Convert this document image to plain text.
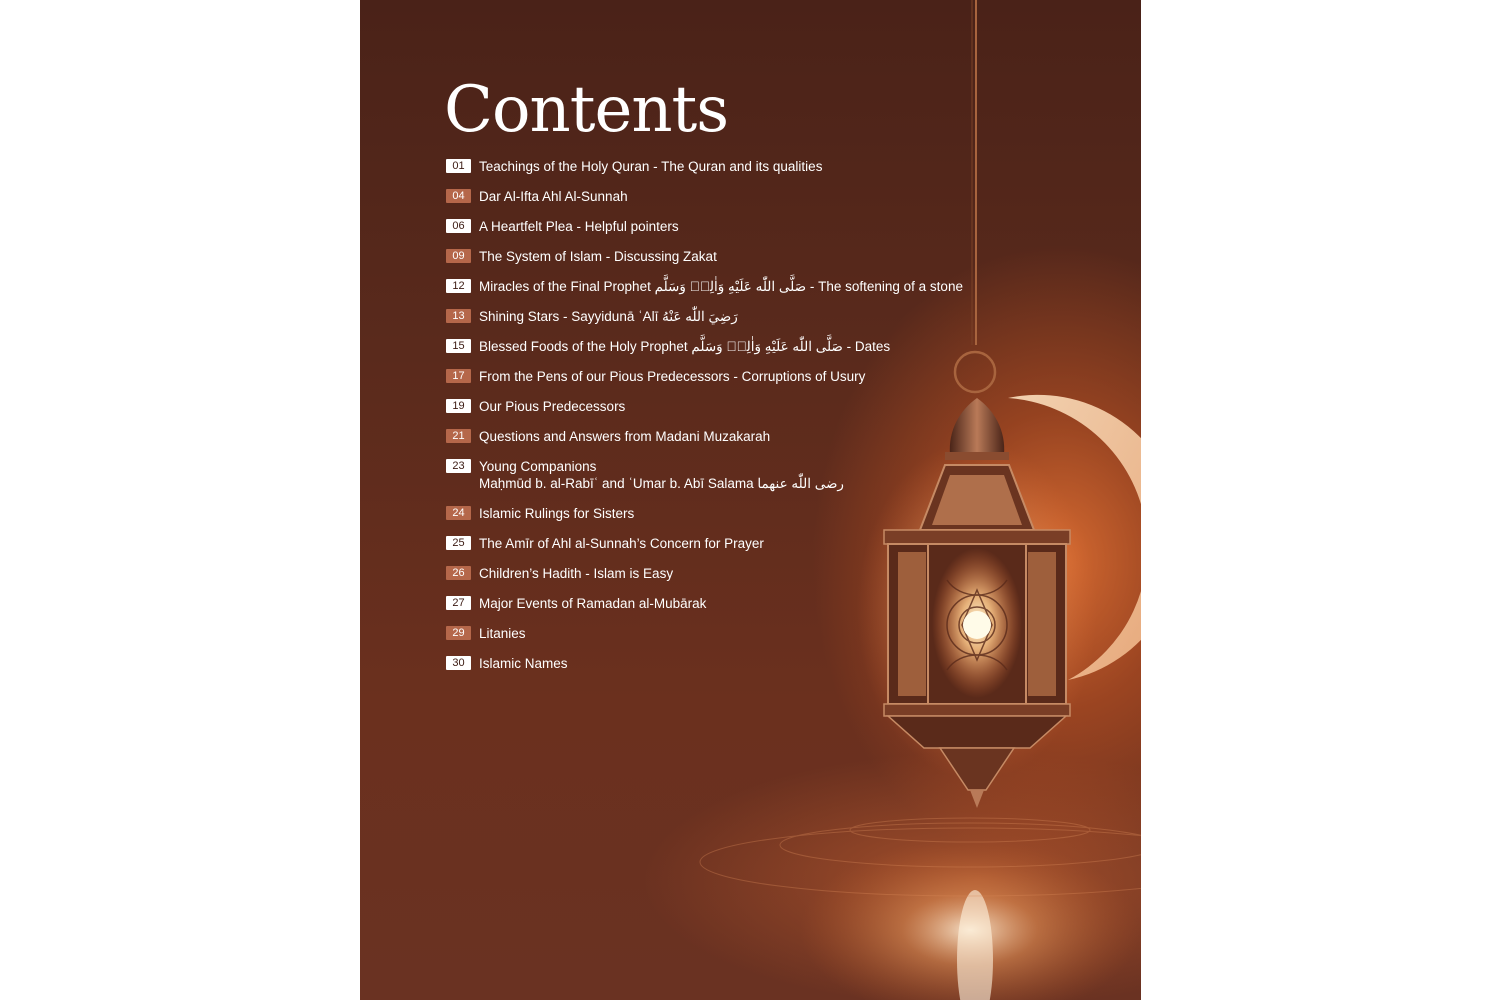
Contents
01	Teachings of the Holy Quran - The Quran and its qualities
04	Dar Al-Ifta Ahl Al-Sunnah
06	A Heartfelt Plea - Helpful pointers
09	The System of Islam - Discussing Zakat
12	Miracles of the Final Prophet صَلَّى اللّٰه عَلَيْهِ وَاٰلِهٖ وَسَلَّم - The softening of a stone
13	Shining Stars - Sayyidunā ʿAlī رَضِيَ اللّٰه عَنْهُ
15	Blessed Foods of the Holy Prophet صَلَّى اللّٰه عَلَيْهِ وَاٰلِهٖ وَسَلَّم - Dates
17	From the Pens of our Pious Predecessors - Corruptions of Usury
19	Our Pious Predecessors
21	Questions and Answers from Madani Muzakarah
23	Young Companions
Maḥmūd b. al-Rabīʿ and ʿUmar b. Abī Salama رضی اللّٰه عنهما
24	Islamic Rulings for Sisters
25	The Amīr of Ahl al-Sunnah’s Concern for Prayer
26	Children’s Hadith - Islam is Easy
27	Major Events of Ramadan al-Mubārak
29	Litanies
30	Islamic Names
